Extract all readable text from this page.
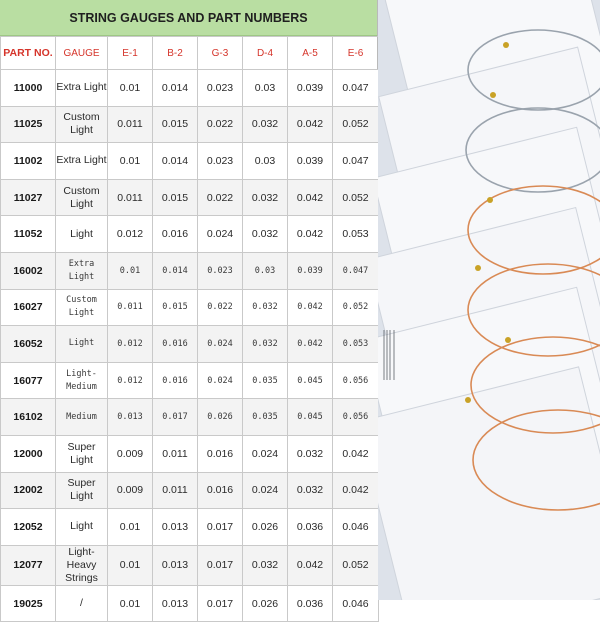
STRING GAUGES AND PART NUMBERS
PART NO.	GAUGE	E-1	B-2	G-3	D-4	A-5	E-6
11000	Extra Light	0.01	0.014	0.023	0.03	0.039	0.047
11025	Custom Light	0.011	0.015	0.022	0.032	0.042	0.052
11002	Extra Light	0.01	0.014	0.023	0.03	0.039	0.047
11027	Custom Light	0.011	0.015	0.022	0.032	0.042	0.052
11052	Light	0.012	0.016	0.024	0.032	0.042	0.053
16002	Extra Light	0.01	0.014	0.023	0.03	0.039	0.047
16027	Custom Light	0.011	0.015	0.022	0.032	0.042	0.052
16052	Light	0.012	0.016	0.024	0.032	0.042	0.053
16077	Light-Medium	0.012	0.016	0.024	0.035	0.045	0.056
16102	Medium	0.013	0.017	0.026	0.035	0.045	0.056
12000	Super Light	0.009	0.011	0.016	0.024	0.032	0.042
12002	Super Light	0.009	0.011	0.016	0.024	0.032	0.042
12052	Light	0.01	0.013	0.017	0.026	0.036	0.046
12077	Light-Heavy Strings	0.01	0.013	0.017	0.032	0.042	0.052
19025	/	0.01	0.013	0.017	0.026	0.036	0.046
